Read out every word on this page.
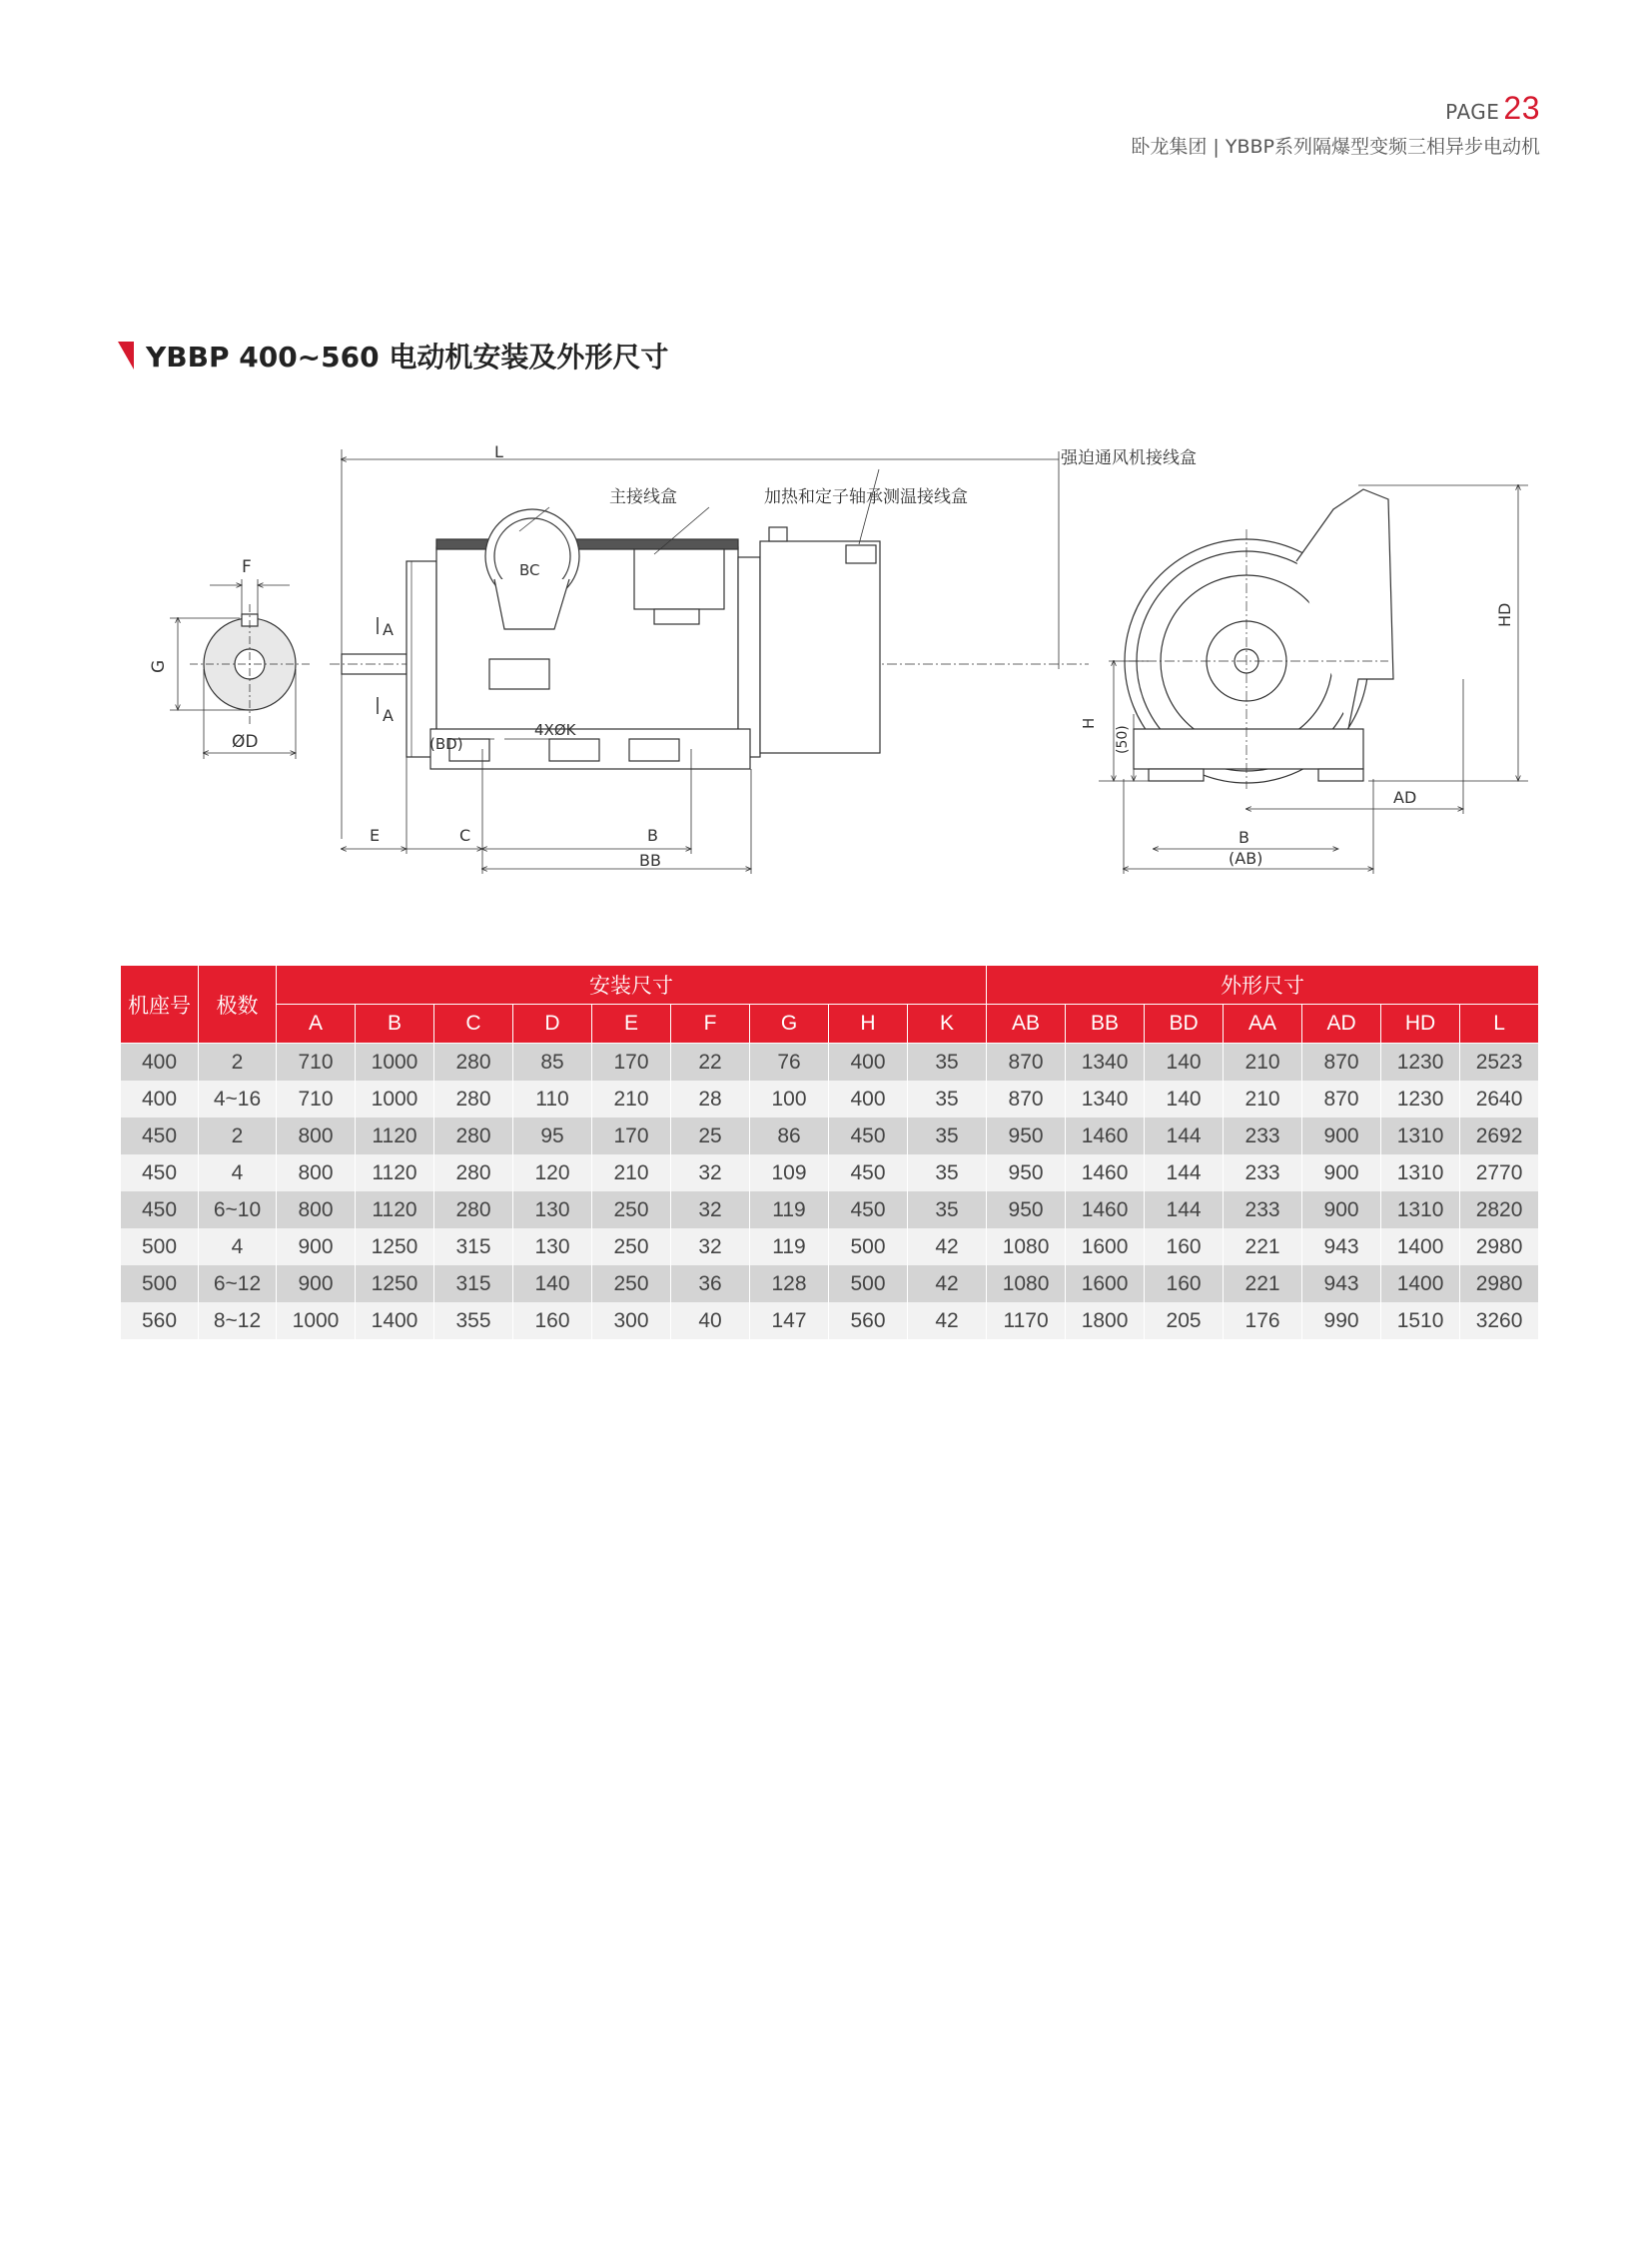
PAGE 23
卧龙集团 | YBBP系列隔爆型变频三相异步电动机
YBBP 400~560 电动机安装及外形尺寸
F
G
ØD
L
主接线盒	加热和定子轴承测温接线盒
强迫通风机接线盒
BC
A
A
(BD)
4XØK
E	C	B
BB
H
(50)
HD
AD
B
(AB)
机座号	极数	安装尺寸									外形尺寸						
		A	B	C	D	E	F	G	H	K	AB	BB	BD	AA	AD	HD	L
400	2	710	1000	280	85	170	22	76	400	35	870	1340	140	210	870	1230	2523
400	4~16	710	1000	280	110	210	28	100	400	35	870	1340	140	210	870	1230	2640
450	2	800	1120	280	95	170	25	86	450	35	950	1460	144	233	900	1310	2692
450	4	800	1120	280	120	210	32	109	450	35	950	1460	144	233	900	1310	2770
450	6~10	800	1120	280	130	250	32	119	450	35	950	1460	144	233	900	1310	2820
500	4	900	1250	315	130	250	32	119	500	42	1080	1600	160	221	943	1400	2980
500	6~12	900	1250	315	140	250	36	128	500	42	1080	1600	160	221	943	1400	2980
560	8~12	1000	1400	355	160	300	40	147	560	42	1170	1800	205	176	990	1510	3260
